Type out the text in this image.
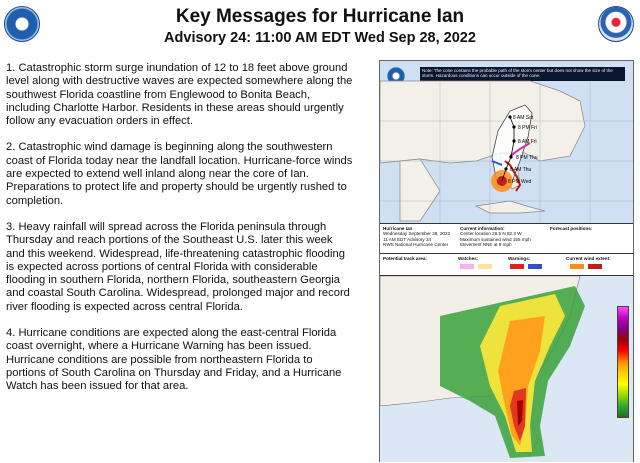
Key Messages for Hurricane Ian
Advisory 24: 11:00 AM EDT Wed Sep 28, 2022

1. Catastrophic storm surge inundation of 12 to 18 feet above ground level along with destructive waves are expected somewhere along the southwest Florida coastline from Englewood to Bonita Beach, including Charlotte Harbor. Residents in these areas should urgently follow any evacuation orders in effect.

2. Catastrophic wind damage is beginning along the southwestern coast of Florida today near the landfall location. Hurricane-force winds are expected to extend well inland along near the core of Ian. Preparations to protect life and property should be urgently rushed to completion.

3. Heavy rainfall will spread across the Florida peninsula through Thursday and reach portions of the Southeast U.S. later this week and this weekend. Widespread, life-threatening catastrophic flooding is expected across portions of central Florida with considerable flooding in southern Florida, northern Florida, southeastern Georgia and coastal South Carolina. Widespread, prolonged major and record river flooding is expected across central Florida.

4. Hurricane conditions are expected along the east-central Florida coast overnight, where a Hurricane Warning has been issued. Hurricane conditions are possible from northeastern Florida to portions of South Carolina on Thursday and Friday, and a Hurricane Watch has been issued for that area.

Note: The cone contains the probable path of the storm center but does not show the size of the storm. Hazardous conditions can occur outside of the cone.
8 AM Sat
8 PM Fri
8 AM Fri
8 PM Thu
8 AM Thu
8 PM Wed
Hurricane Ian
Wednesday September 28, 2022
11 AM EDT Advisory 24
NWS National Hurricane Center
Current information:
Center location 26.5 N 82.3 W
Maximum sustained wind 155 mph
Movement NNE at 9 mph
Forecast positions:
Potential track area:	Watches:	Warnings:	Current wind extent:
